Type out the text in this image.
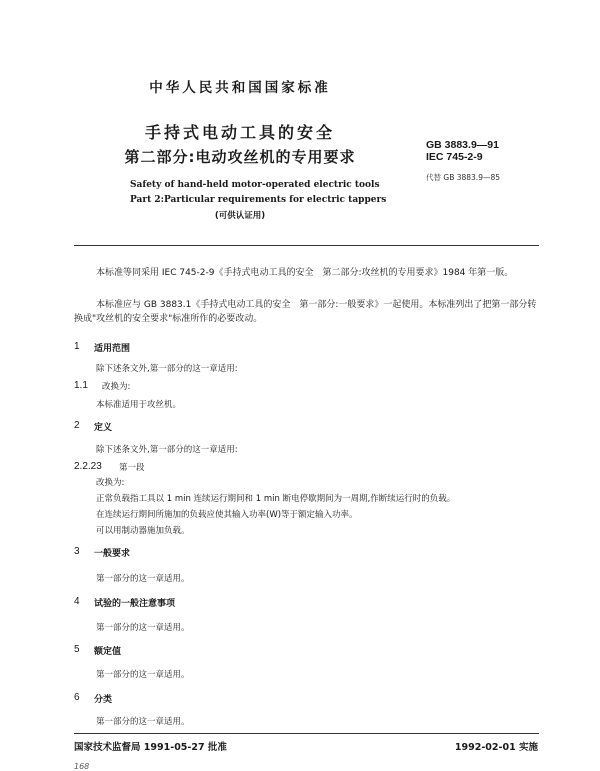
中华人民共和国国家标准
手持式电动工具的安全
第二部分:电动攻丝机的专用要求
Safety of hand-held motor-operated electric tools
Part 2:Particular requirements for electric tappers
(可供认证用)
GB 3883.9—91
IEC 745-2-9
代替 GB 3883.9—85
本标准等同采用 IEC 745-2-9《手持式电动工具的安全　第二部分:攻丝机的专用要求》1984 年第一版。
本标准应与 GB 3883.1《手持式电动工具的安全　第一部分:一般要求》一起使用。本标准列出了把第一部分转换成"攻丝机的安全要求"标准所作的必要改动。
1 适用范围
除下述条文外,第一部分的这一章适用:
1.1 改换为:
本标准适用于攻丝机。
2 定义
除下述条文外,第一部分的这一章适用:
2.2.23 第一段
改换为:
正常负载指工具以 1 min 连续运行期间和 1 min 断电停歇期间为一周期,作断续运行时的负载。
在连续运行期间所施加的负载应使其输入功率(W)等于额定输入功率。
可以用制动器施加负载。
3 一般要求
第一部分的这一章适用。
4 试验的一般注意事项
第一部分的这一章适用。
5 额定值
第一部分的这一章适用。
6 分类
第一部分的这一章适用。
国家技术监督局 1991-05-27 批准	1992-02-01 实施
168
